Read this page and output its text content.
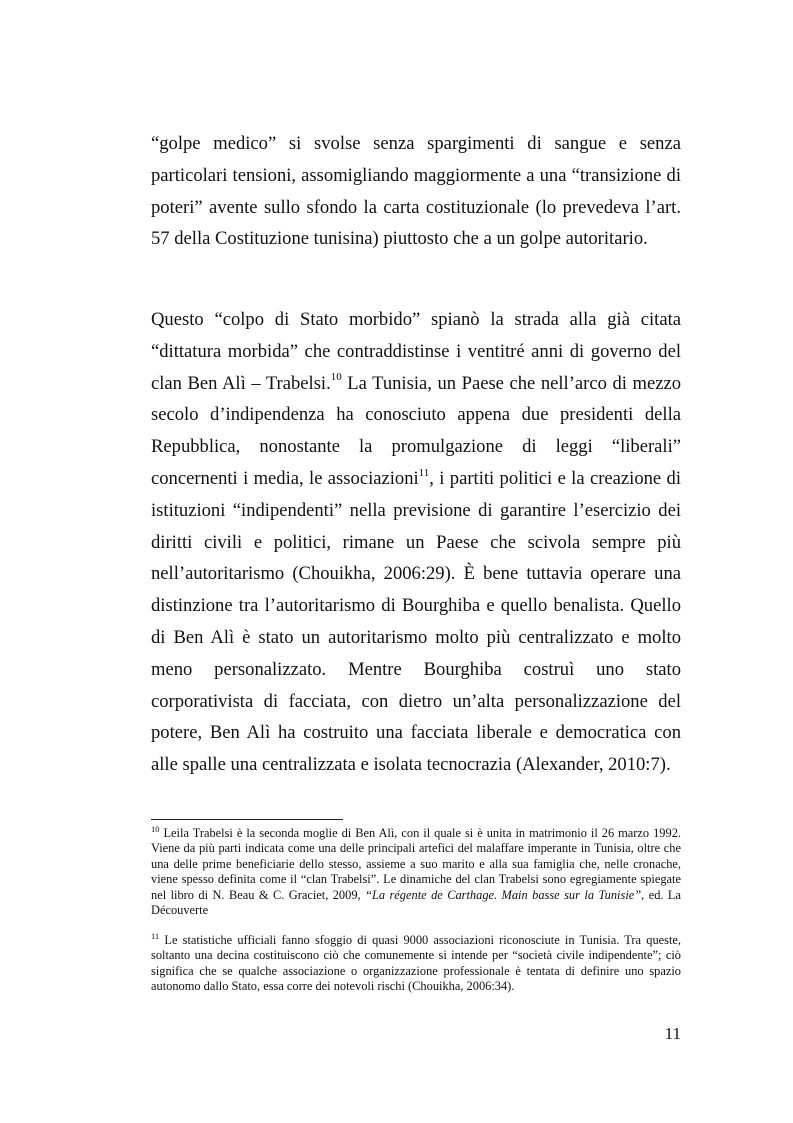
“golpe medico” si svolse senza spargimenti di sangue e senza particolari tensioni, assomigliando maggiormente a una “transizione di poteri” avente sullo sfondo la carta costituzionale (lo prevedeva l’art. 57 della Costituzione tunisina) piuttosto che a un golpe autoritario.

Questo “colpo di Stato morbido” spianò la strada alla già citata “dittatura morbida” che contraddistinse i ventitré anni di governo del clan Ben Alì – Trabelsi.$^{10}$ La Tunisia, un Paese che nell’arco di mezzo secolo d’indipendenza ha conosciuto appena due presidenti della Repubblica, nonostante la promulgazione di leggi “liberali” concernenti i media, le associazioni$^{11}$, i partiti politici e la creazione di istituzioni “indipendenti” nella previsione di garantire l’esercizio dei diritti civili e politici, rimane un Paese che scivola sempre più nell’autoritarismo (Chouikha, 2006:29). È bene tuttavia operare una distinzione tra l’autoritarismo di Bourghiba e quello benalista. Quello di Ben Alì è stato un autoritarismo molto più centralizzato e molto meno personalizzato. Mentre Bourghiba costruì uno stato corporativista di facciata, con dietro un’alta personalizzazione del potere, Ben Alì ha costruito una facciata liberale e democratica con alle spalle una centralizzata e isolata tecnocrazia (Alexander, 2010:7).

$^{10}$ Leila Trabelsi è la seconda moglie di Ben Alì, con il quale si è unita in matrimonio il 26 marzo 1992. Viene da più parti indicata come una delle principali artefici del malaffare imperante in Tunisia, oltre che una delle prime beneficiarie dello stesso, assieme a suo marito e alla sua famiglia che, nelle cronache, viene spesso definita come il “clan Trabelsi”. Le dinamiche del clan Trabelsi sono egregiamente spiegate nel libro di N. Beau & C. Graciet, 2009, “La régente de Carthage. Main basse sur la Tunisie”, ed. La Découverte

$^{11}$ Le statistiche ufficiali fanno sfoggio di quasi 9000 associazioni riconosciute in Tunisia. Tra queste, soltanto una decina costituiscono ciò che comunemente si intende per “società civile indipendente”; ciò significa che se qualche associazione o organizzazione professionale è tentata di definire uno spazio autonomo dallo Stato, essa corre dei notevoli rischi (Chouikha, 2006:34).

11
